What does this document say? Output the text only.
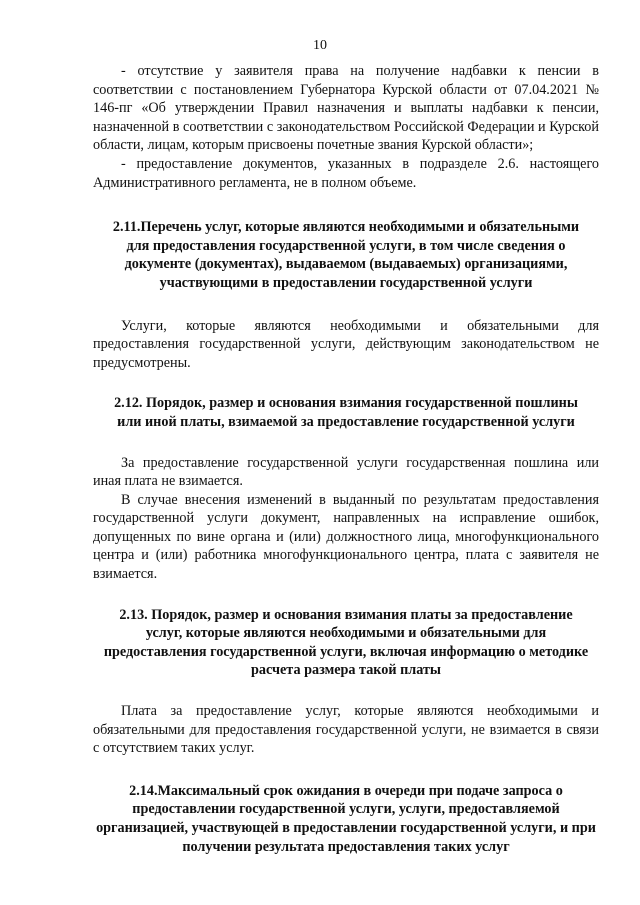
10

- отсутствие у заявителя права на получение надбавки к пенсии в соответствии с постановлением Губернатора Курской области от 07.04.2021 № 146-пг «Об утверждении Правил назначения и выплаты надбавки к пенсии, назначенной в соответствии с законодательством Российской Федерации и Курской области, лицам, которым присвоены почетные звания Курской области»;

- предоставление документов, указанных в подразделе 2.6. настоящего Административного регламента, не в полном объеме.

2.11.Перечень услуг, которые являются необходимыми и обязательными для предоставления государственной услуги, в том числе сведения о документе (документах), выдаваемом (выдаваемых) организациями, участвующими в предоставлении государственной услуги

Услуги, которые являются необходимыми и обязательными для предоставления государственной услуги, действующим законодательством не предусмотрены.

2.12. Порядок, размер и основания взимания государственной пошлины или иной платы, взимаемой за предоставление государственной услуги

За предоставление государственной услуги государственная пошлина или иная плата не взимается.

В случае внесения изменений в выданный по результатам предоставления государственной услуги документ, направленных на исправление ошибок, допущенных по вине органа и (или) должностного лица, многофункционального центра и (или) работника многофункционального центра, плата с заявителя не взимается.

2.13. Порядок, размер и основания взимания платы за предоставление услуг, которые являются необходимыми и обязательными для предоставления государственной услуги, включая информацию о методике расчета размера такой платы

Плата за предоставление услуг, которые являются необходимыми и обязательными для предоставления государственной услуги, не взимается в связи с отсутствием таких услуг.

2.14.Максимальный срок ожидания в очереди при подаче запроса о предоставлении государственной услуги, услуги, предоставляемой организацией, участвующей в предоставлении государственной услуги, и при получении результата предоставления таких услуг
